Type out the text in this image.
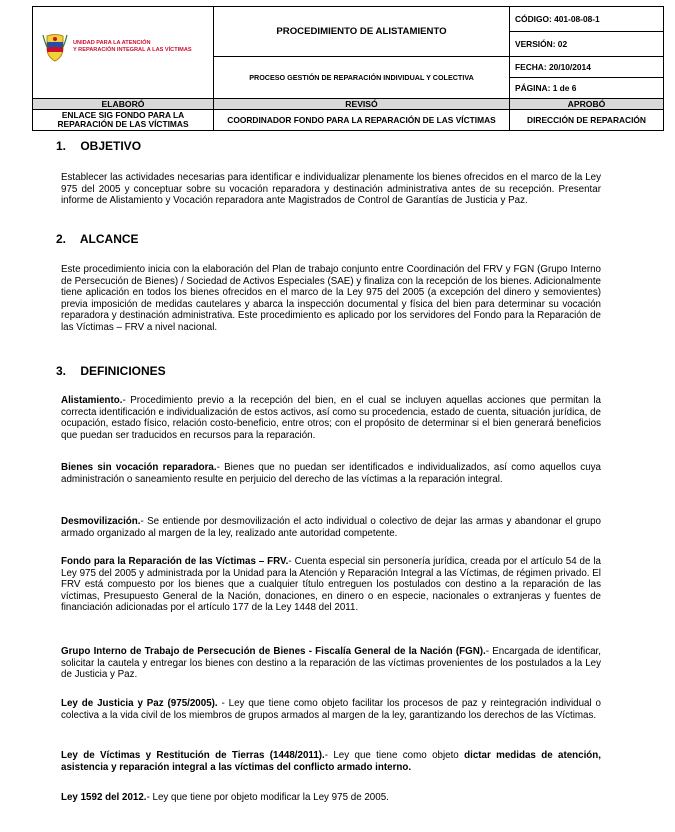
UNIDAD PARA LA ATENCIÓN
Y REPARACIÓN INTEGRAL A LAS VÍCTIMAS	PROCEDIMIENTO DE ALISTAMIENTO	CÓDIGO: 401-08-08-1
		VERSIÓN: 02
	PROCESO GESTIÓN DE REPARACIÓN INDIVIDUAL Y COLECTIVA	FECHA: 20/10/2014
		PÁGINA: 1 de 6
ELABORÓ	REVISÓ	APROBÓ
ENLACE SIG FONDO PARA LA REPARACIÓN DE LAS VÍCTIMAS	COORDINADOR FONDO PARA LA REPARACIÓN DE LAS VÍCTIMAS	DIRECCIÓN DE REPARACIÓN
1. OBJETIVO
Establecer las actividades necesarias para identificar e individualizar plenamente los bienes ofrecidos en el marco de la Ley 975 del 2005 y conceptuar sobre su vocación reparadora y destinación administrativa antes de su recepción. Presentar informe de Alistamiento y Vocación reparadora ante Magistrados de Control de Garantías de Justicia y Paz.
2. ALCANCE
Este procedimiento inicia con la elaboración del Plan de trabajo conjunto entre Coordinación del FRV y FGN (Grupo Interno de Persecución de Bienes) / Sociedad de Activos Especiales (SAE) y finaliza con la recepción de los bienes. Adicionalmente tiene aplicación en todos los bienes ofrecidos en el marco de la Ley 975 del 2005 (a excepción del dinero y semovientes) previa imposición de medidas cautelares y abarca la inspección documental y física del bien para determinar su vocación reparadora y destinación administrativa. Este procedimiento es aplicado por los servidores del Fondo para la Reparación de las Víctimas – FRV a nivel nacional.
3. DEFINICIONES
Alistamiento.- Procedimiento previo a la recepción del bien, en el cual se incluyen aquellas acciones que permitan la correcta identificación e individualización de estos activos, así como su procedencia, estado de cuenta, situación jurídica, de ocupación, estado físico, relación costo-beneficio, entre otros; con el propósito de determinar si el bien generará beneficios que puedan ser traducidos en recursos para la reparación.
Bienes sin vocación reparadora.- Bienes que no puedan ser identificados e individualizados, así como aquellos cuya administración o saneamiento resulte en perjuicio del derecho de las víctimas a la reparación integral.
Desmovilización.- Se entiende por desmovilización el acto individual o colectivo de dejar las armas y abandonar el grupo armado organizado al margen de la ley, realizado ante autoridad competente.
Fondo para la Reparación de las Víctimas – FRV.- Cuenta especial sin personería jurídica, creada por el artículo 54 de la Ley 975 del 2005 y administrada por la Unidad para la Atención y Reparación Integral a las Víctimas, de régimen privado. El FRV está compuesto por los bienes que a cualquier título entreguen los postulados con destino a la reparación de las víctimas, Presupuesto General de la Nación, donaciones, en dinero o en especie, nacionales o extranjeras y fuentes de financiación adicionadas por el artículo 177 de la Ley 1448 del 2011.
Grupo Interno de Trabajo de Persecución de Bienes - Fiscalía General de la Nación (FGN).- Encargada de identificar, solicitar la cautela y entregar los bienes con destino a la reparación de las víctimas provenientes de los postulados a la Ley de Justicia y Paz.
Ley de Justicia y Paz (975/2005). - Ley que tiene como objeto facilitar los procesos de paz y reintegración individual o colectiva a la vida civil de los miembros de grupos armados al margen de la ley, garantizando los derechos de las Víctimas.
Ley de Víctimas y Restitución de Tierras (1448/2011).- Ley que tiene como objeto dictar medidas de atención, asistencia y reparación integral a las víctimas del conflicto armado interno.
Ley 1592 del 2012.- Ley que tiene por objeto modificar la Ley 975 de 2005.
